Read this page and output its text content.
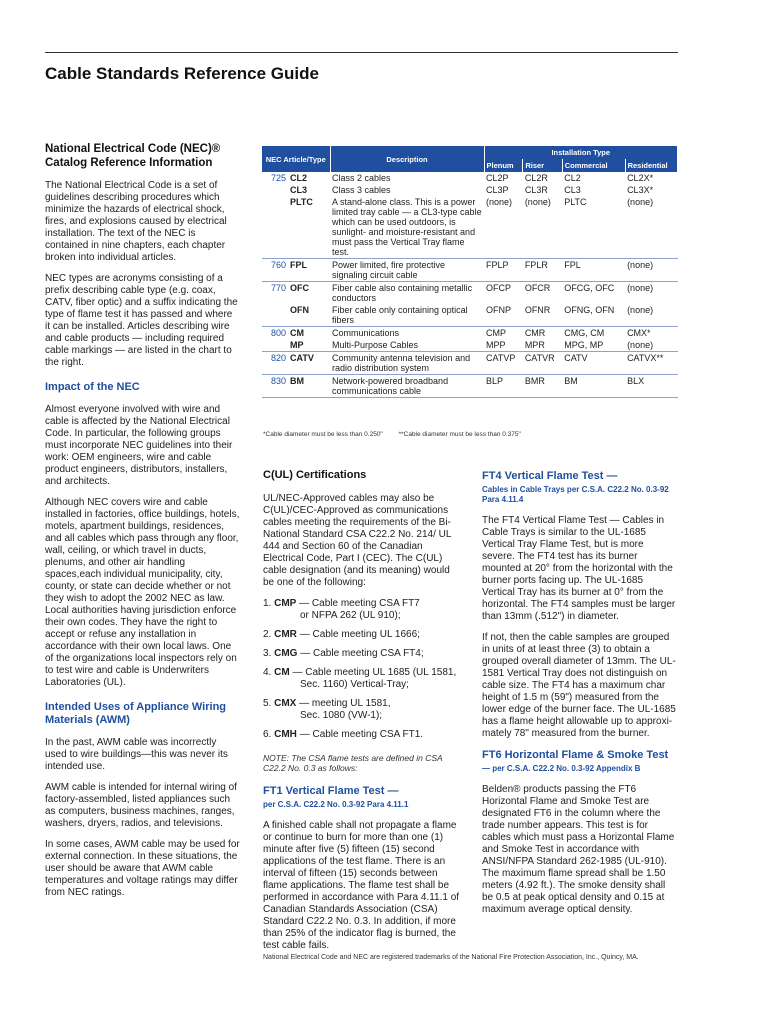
Cable Standards Reference Guide
National Electrical Code (NEC)® Catalog Reference Information

The National Electrical Code is a set of guidelines describing procedures which minimize the hazards of electrical shock, fires, and explosions caused by electrical installation. The text of the NEC is contained in nine chapters, each chapter broken into individual articles.

NEC types are acronyms consisting of a prefix describing cable type (e.g. coax, CATV, fiber optic) and a suffix indicating the type of flame test it has passed and where it can be installed. Articles describing wire and cable products — including required cable markings — are listed in the chart to the right.

Impact of the NEC

Almost everyone involved with wire and cable is affected by the National Electrical Code. In particular, the following groups must incorporate NEC guidelines into their work: OEM engineers, wire and cable product engineers, distributors, installers, and architects.

Although NEC covers wire and cable installed in factories, office buildings, hotels, motels, apartment buildings, residences, and all cables which pass through any floor, wall, ceiling, or which travel in ducts, plenums, and other air handling spaces,each individual municipality, city, county, or state can decide whether or not they wish to adopt the 2002 NEC as law. Local authorities having jurisdiction enforce their own codes. They have the right to accept or refuse any installation in accordance with their own local laws. One of the organizations local inspectors rely on to test wire and cable is Underwriters Laboratories (UL).

Intended Uses of Appliance Wiring Materials (AWM)

In the past, AWM cable was incorrectly used to wire buildings—this was never its intended use.

AWM cable is intended for internal wiring of factory-assembled, listed appliances such as computers, business machines, ranges, washers, dryers, radios, and televisions.

In some cases, AWM cable may be used for external connection. In these situations, the user should be aware that AWM cable temperatures and voltage ratings may differ from NEC ratings.

NEC Article/Type		Description	Installation Type			
			Plenum	Riser	Commercial	Residential
725	CL2	Class 2 cables	CL2P	CL2R	CL2	CL2X*
	CL3	Class 3 cables	CL3P	CL3R	CL3	CL3X*
	PLTC	A stand-alone class. This is a power limited tray cable — a CL3-type cable which can be used outdoors, is sunlight- and moisture-resistant and must pass the Vertical Tray flame test.	(none)	(none)	PLTC	(none)
760	FPL	Power limited, fire protective signaling circuit cable	FPLP	FPLR	FPL	(none)
770	OFC	Fiber cable also containing metallic conductors	OFCP	OFCR	OFCG, OFC	(none)
	OFN	Fiber cable only containing optical fibers	OFNP	OFNR	OFNG, OFN	(none)
800	CM	Communications	CMP	CMR	CMG, CM	CMX*
	MP	Multi-Purpose Cables	MPP	MPR	MPG, MP	(none)
820	CATV	Community antenna television and radio distribution system	CATVP	CATVR	CATV	CATVX**
830	BM	Network-powered broadband communications cable	BLP	BMR	BM	BLX
*Cable diameter must be less than 0.250" **Cable diameter must be less than 0.375"
C(UL) Certifications

UL/NEC-Approved cables may also be C(UL)/CEC-Approved as communications cables meeting the requirements of the Bi-National Standard CSA C22.2 No. 214/ UL 444 and Section 60 of the Canadian Electrical Code, Part I (CEC). The C(UL) cable designation (and its meaning) would be one of the following:

1. CMP — Cable meeting CSA FT7
or NFPA 262 (UL 910);
2. CMR — Cable meeting UL 1666;
3. CMG — Cable meeting CSA FT4;
4. CM — Cable meeting UL 1685 (UL 1581,
Sec. 1160) Vertical-Tray;
5. CMX — meeting UL 1581,
Sec. 1080 (VW-1);
6. CMH — Cable meeting CSA FT1.

NOTE: The CSA flame tests are defined in CSA C22.2 No. 0.3 as follows:

FT1 Vertical Flame Test —
per C.S.A. C22.2 No. 0.3-92 Para 4.11.1

A finished cable shall not propagate a flame or continue to burn for more than one (1) minute after five (5) fifteen (15) second applications of the test flame. There is an interval of fifteen (15) seconds between flame applications. The flame test shall be performed in accordance with Para 4.11.1 of Canadian Standards Association (CSA) Standard C22.2 No. 0.3. In addition, if more than 25% of the indicator flag is burned, the test cable fails.

FT4 Vertical Flame Test —
Cables in Cable Trays per C.S.A. C22.2 No. 0.3-92 Para 4.11.4

The FT4 Vertical Flame Test — Cables in Cable Trays is similar to the UL-1685 Vertical Tray Flame Test, but is more severe. The FT4 test has its burner mounted at 20° from the horizontal with the burner ports facing up. The UL-1685 Vertical Tray has its burner at 0° from the horizontal. The FT4 samples must be larger than 13mm (.512") in diameter.

If not, then the cable samples are grouped in units of at least three (3) to obtain a grouped overall diameter of 13mm. The UL-1581 Vertical Tray does not distinguish on cable size. The FT4 has a maximum char height of 1.5 m (59") measured from the lower edge of the burner face. The UL-1685 has a flame height allowable up to approxi- mately 78" measured from the burner.

FT6 Horizontal Flame & Smoke Test
— per C.S.A. C22.2 No. 0.3-92 Appendix B

Belden® products passing the FT6 Horizontal Flame and Smoke Test are designated FT6 in the column where the trade number appears. This test is for cables which must pass a Horizontal Flame and Smoke Test in accordance with ANSI/NFPA Standard 262-1985 (UL-910). The maximum flame spread shall be 1.50 meters (4.92 ft.). The smoke density shall be 0.5 at peak optical density and 0.15 at maximum average optical density.

National Electrical Code and NEC are registered trademarks of the National Fire Protection Association, Inc., Quincy, MA.
